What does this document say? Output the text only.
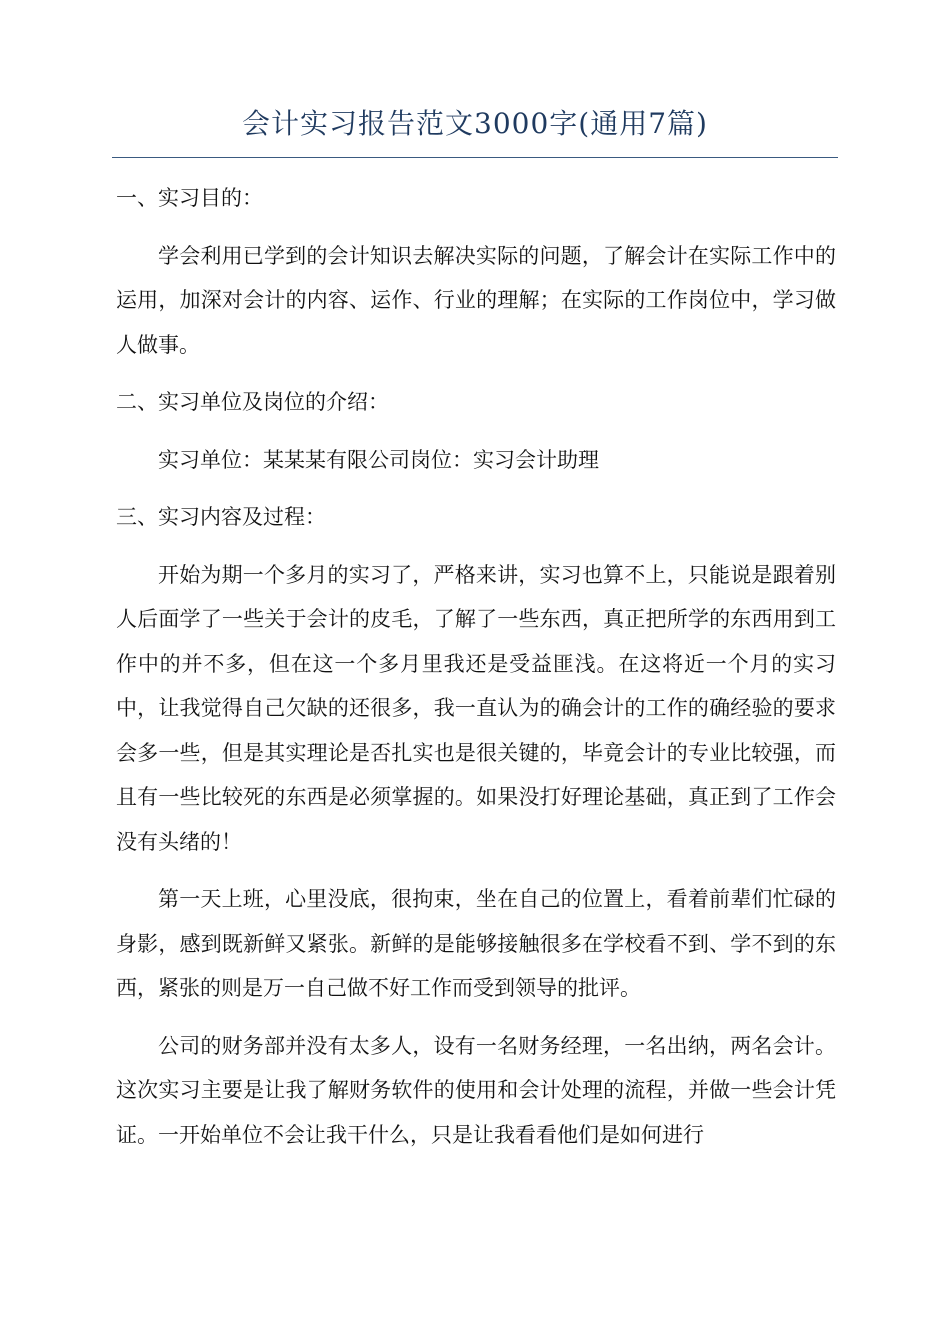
会计实习报告范文3000字(通用7篇)

一、实习目的：

学会利用已学到的会计知识去解决实际的问题，了解会计在实际工作中的运用，加深对会计的内容、运作、行业的理解；在实际的工作岗位中，学习做人做事。

二、实习单位及岗位的介绍：

实习单位：某某某有限公司岗位：实习会计助理

三、实习内容及过程：

开始为期一个多月的实习了，严格来讲，实习也算不上，只能说是跟着别人后面学了一些关于会计的皮毛，了解了一些东西，真正把所学的东西用到工作中的并不多，但在这一个多月里我还是受益匪浅。在这将近一个月的实习中，让我觉得自己欠缺的还很多，我一直认为的确会计的工作的确经验的要求会多一些，但是其实理论是否扎实也是很关键的，毕竟会计的专业比较强，而且有一些比较死的东西是必须掌握的。如果没打好理论基础，真正到了工作会没有头绪的！

第一天上班，心里没底，很拘束，坐在自己的位置上，看着前辈们忙碌的身影，感到既新鲜又紧张。新鲜的是能够接触很多在学校看不到、学不到的东西，紧张的则是万一自己做不好工作而受到领导的批评。

公司的财务部并没有太多人，设有一名财务经理，一名出纳，两名会计。这次实习主要是让我了解财务软件的使用和会计处理的流程，并做一些会计凭证。一开始单位不会让我干什么，只是让我看看他们是如何进行
